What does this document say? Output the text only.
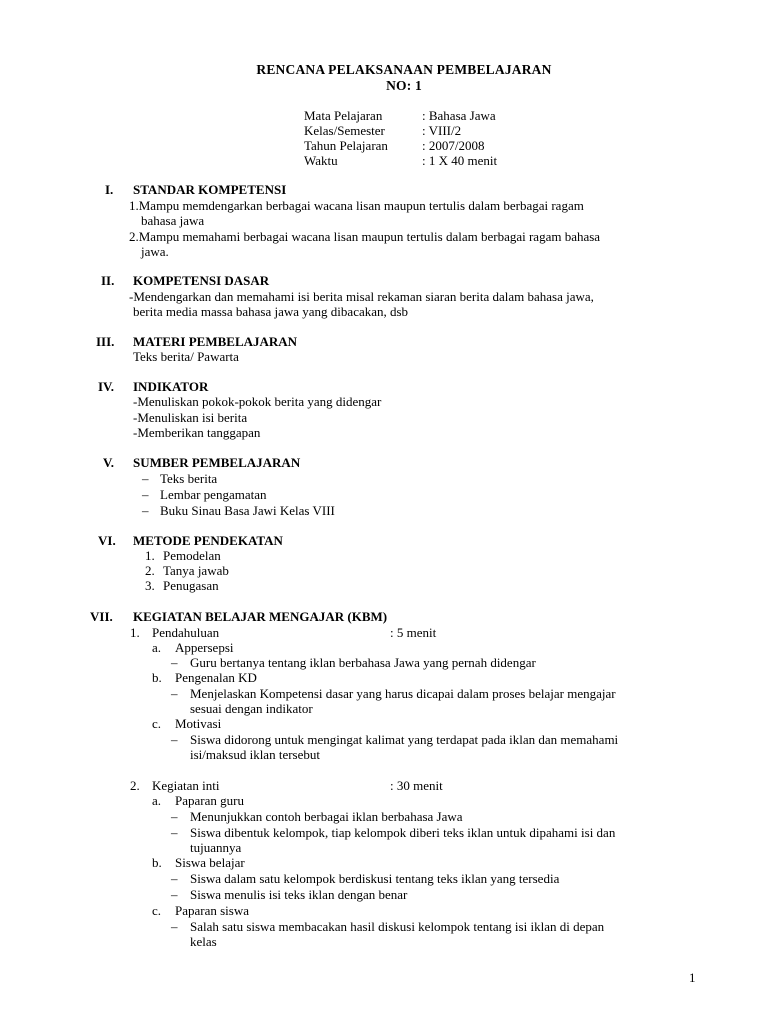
RENCANA PELAKSANAAN PEMBELAJARAN
NO: 1
Mata Pelajaran	: Bahasa Jawa
Kelas/Semester	: VIII/2
Tahun Pelajaran	: 2007/2008
Waktu	: 1 X 40 menit
I. STANDAR KOMPETENSI
1.Mampu memdengarkan berbagai wacana lisan maupun tertulis dalam berbagai ragam
bahasa jawa
2.Mampu memahami berbagai wacana lisan maupun tertulis dalam berbagai ragam bahasa
jawa.
II. KOMPETENSI DASAR
-Mendengarkan dan memahami isi berita misal rekaman siaran berita dalam bahasa jawa,
berita media massa bahasa jawa yang dibacakan, dsb
III. MATERI PEMBELAJARAN
Teks berita/ Pawarta
IV. INDIKATOR
-Menuliskan pokok-pokok berita yang didengar
-Menuliskan isi berita
-Memberikan tanggapan
V. SUMBER PEMBELAJARAN
– Teks berita
– Lembar pengamatan
– Buku Sinau Basa Jawi Kelas VIII
VI. METODE PENDEKATAN
1. Pemodelan
2. Tanya jawab
3. Penugasan
VII. KEGIATAN BELAJAR MENGAJAR (KBM)
1. Pendahuluan	: 5 menit
a. Appersepsi
– Guru bertanya tentang iklan berbahasa Jawa yang pernah didengar
b. Pengenalan KD
– Menjelaskan Kompetensi dasar yang harus dicapai dalam proses belajar mengajar
sesuai dengan indikator
c. Motivasi
– Siswa didorong untuk mengingat kalimat yang terdapat pada iklan dan memahami
isi/maksud iklan tersebut
2. Kegiatan inti	: 30 menit
a. Paparan guru
– Menunjukkan contoh berbagai iklan berbahasa Jawa
– Siswa dibentuk kelompok, tiap kelompok diberi teks iklan untuk dipahami isi dan
tujuannya
b. Siswa belajar
– Siswa dalam satu kelompok berdiskusi tentang teks iklan yang tersedia
– Siswa menulis isi teks iklan dengan benar
c. Paparan siswa
– Salah satu siswa membacakan hasil diskusi kelompok tentang isi iklan di depan
kelas
1
